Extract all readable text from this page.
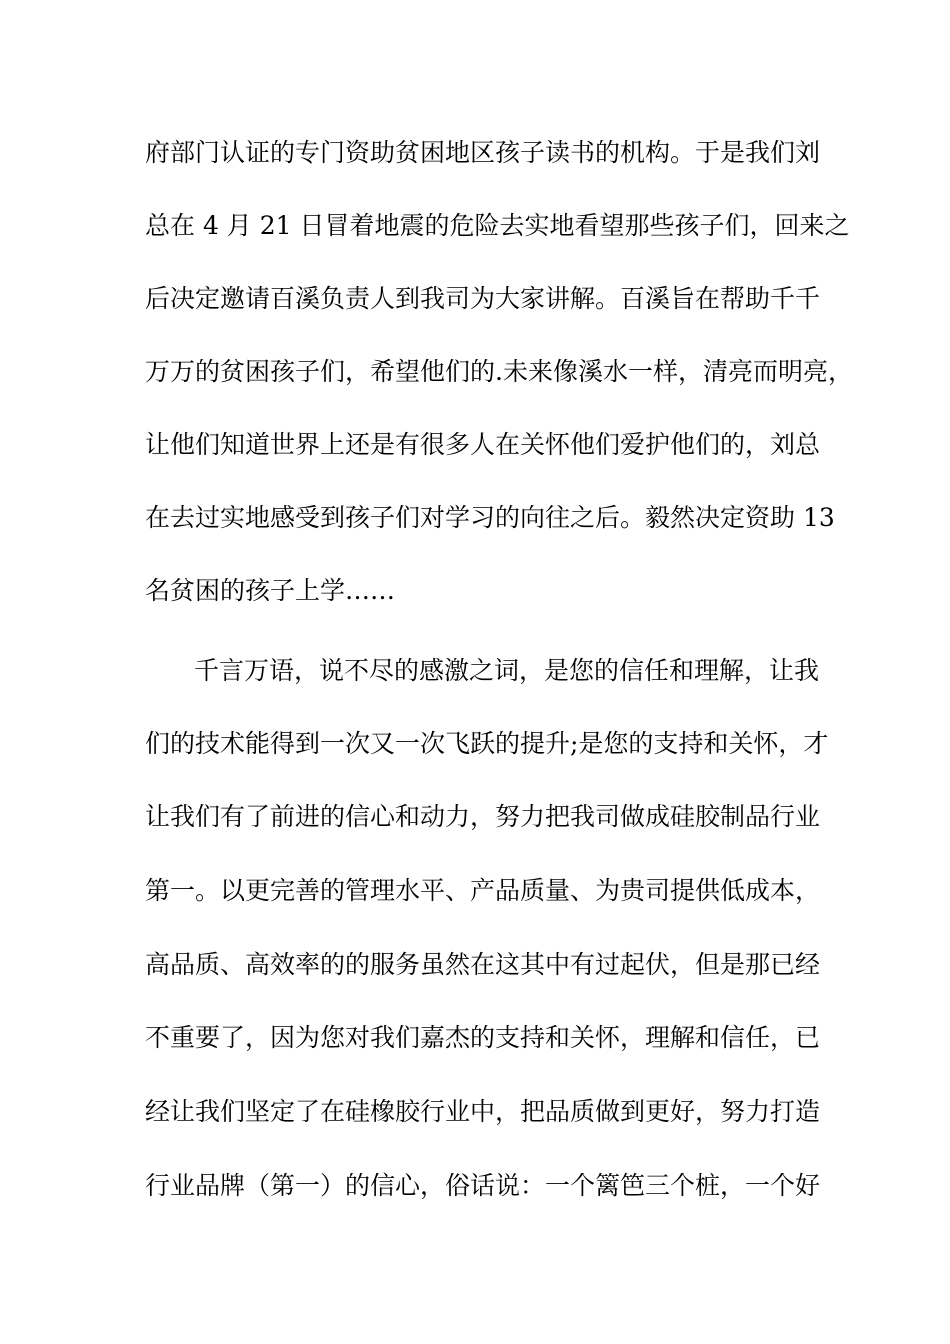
府部门认证的专门资助贫困地区孩子读书的机构。于是我们刘
总在 4 月 21 日冒着地震的危险去实地看望那些孩子们，回来之
后决定邀请百溪负责人到我司为大家讲解。百溪旨在帮助千千
万万的贫困孩子们，希望他们的.未来像溪水一样，清亮而明亮，
让他们知道世界上还是有很多人在关怀他们爱护他们的，刘总
在去过实地感受到孩子们对学习的向往之后。毅然决定资助 13
名贫困的孩子上学……
千言万语，说不尽的感激之词，是您的信任和理解，让我
们的技术能得到一次又一次飞跃的提升;是您的支持和关怀，才
让我们有了前进的信心和动力，努力把我司做成硅胶制品行业
第一。以更完善的管理水平、产品质量、为贵司提供低成本，
高品质、高效率的的服务虽然在这其中有过起伏，但是那已经
不重要了，因为您对我们嘉杰的支持和关怀，理解和信任，已
经让我们坚定了在硅橡胶行业中，把品质做到更好，努力打造
行业品牌（第一）的信心，俗话说：一个篱笆三个桩，一个好
